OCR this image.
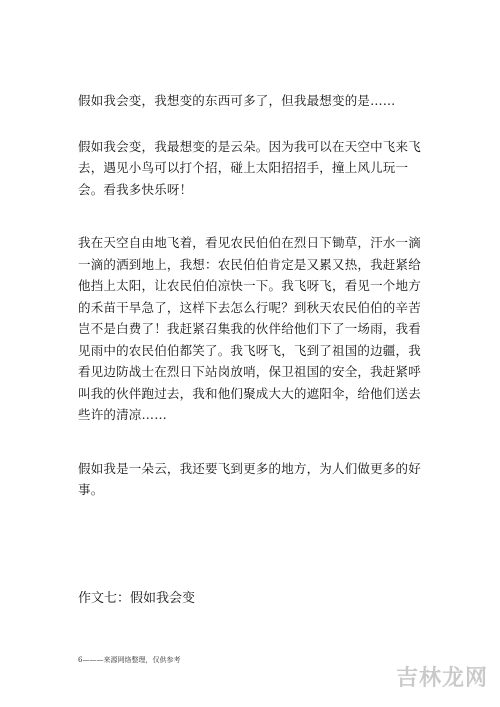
假如我会变，我想变的东西可多了，但我最想变的是……

假如我会变，我最想变的是云朵。因为我可以在天空中飞来飞去，遇见小鸟可以打个招，碰上太阳招招手，撞上风儿玩一会。看我多快乐呀！

我在天空自由地飞着，看见农民伯伯在烈日下锄草，汗水一滴一滴的洒到地上，我想：农民伯伯肯定是又累又热，我赶紧给他挡上太阳，让农民伯伯凉快一下。我飞呀飞，看见一个地方的禾苗干旱急了，这样下去怎么行呢？到秋天农民伯伯的辛苦岂不是白费了！我赶紧召集我的伙伴给他们下了一场雨，我看见雨中的农民伯伯都笑了。我飞呀飞，飞到了祖国的边疆，我看见边防战士在烈日下站岗放哨，保卫祖国的安全，我赶紧呼叫我的伙伴跑过去，我和他们聚成大大的遮阳伞，给他们送去些许的清凉……

假如我是一朵云，我还要飞到更多的地方，为人们做更多的好事。

作文七：假如我会变

6———来源网络整理，仅供参考
吉林龙网
